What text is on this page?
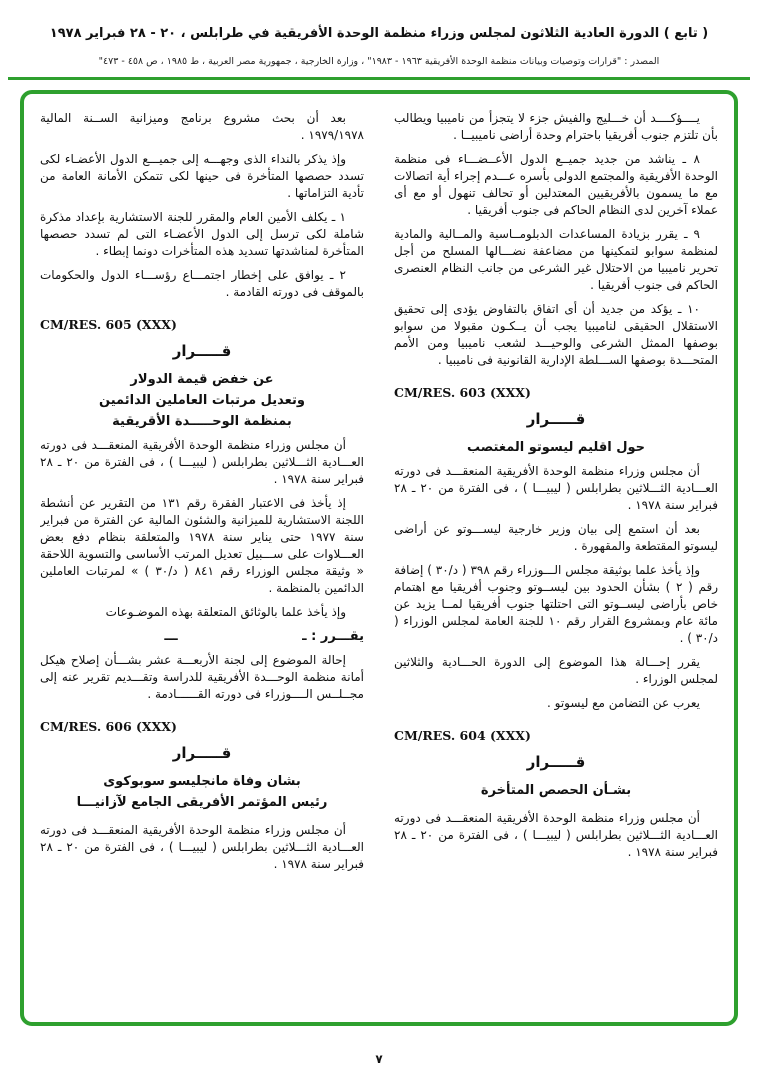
( تابع ) الدورة العادية الثلاثون لمجلس وزراء منظمة الوحدة الأفريقية في طرابلس ، ٢٠ - ٢٨ فبراير ١٩٧٨
المصدر : "قرارات وتوصيات وبيانات منظمة الوحدة الأفريقية ١٩٦٣ - ١٩٨٣" ، وزارة الخارجية ، جمهورية مصر العربية ، ط ١٩٨٥ ، ص ٤٥٨ - ٤٧٣"

يــــؤكــــد أن خـــليج والفيش جزء لا يتجزأ من ناميبيا ويطالب بأن تلتزم جنوب أفريقيا باحترام وحدة أراضى ناميبيــا .

٨ ـ يناشد من جديد جميــع الدول الأعــضـــاء فى منظمة الوحدة الأفريقية والمجتمع الدولى بأسره عـــدم إجراء أية اتصالات مع ما يسمون بالأفريقيين المعتدلين أو تحالف تنهول أو مع أى عملاء آخرين لدى النظام الحاكم فى جنوب أفريقيا .

٩ ـ يقرر بزيادة المساعدات الدبلومــاسية والمــالية والمادية لمنظمة سوابو لتمكينها من مضاعفة نضـــالها المسلح من أجل تحرير ناميبيا من الاحتلال غير الشرعى من جانب النظام العنصرى الحاكم فى جنوب أفريقيا .

١٠ ـ يؤكد من جديد أن أى اتفاق بالتفاوض يؤدى إلى تحقيق الاستقلال الحقيقى لناميبيا يجب أن يــكـون مقبولا من سوابو بوصفها الممثل الشرعى والوحيـــد لشعب ناميبيا ومن الأمم المتحـــدة بوصفها الســـلطة الإدارية القانونية فى ناميبيا .

CM/RES. 603 (XXX)
قـــــرار
حول اقليم ليسوتو المغتصب

أن مجلس وزراء منظمة الوحدة الأفريقية المنعقـــد فى دورته العـــادية الثـــلاثين بطرابلس ( ليبيـــا ) ، فى الفترة من ٢٠ ـ ٢٨ فبراير سنة ١٩٧٨ .

بعد أن استمع إلى بيان وزير خارجية ليســـوتو عن أراضى ليسوتو المقتطعة والمقهورة .

وإذ يأخذ علما بوثيقة مجلس الـــوزراء رقم ٣٩٨ ( د/٣٠ ) إضافة رقم ( ٢ ) بشأن الحدود بين ليســوتو وجنوب أفريقيا مع اهتمام خاص بأراضى ليســوتو التى احتلتها جنوب أفريقيا لمــا يزيد عن مائة عام وبمشروع القرار رقم ١٠ للجنة العامة لمجلس الوزراء ( د/٣٠ ) .

يقرر إحـــالة هذا الموضوع إلى الدورة الحـــادية والثلاثين لمجلس الوزراء .

يعرب عن التضامن مع ليسوتو .

CM/RES. 604 (XXX)
قـــــرار
بشـأن الحصص المتأخرة

أن مجلس وزراء منظمة الوحدة الأفريقية المنعقـــد فى دورته العـــادية الثـــلاثين بطرابلس ( ليبيـــا ) ، فى الفترة من ٢٠ ـ ٢٨ فبراير سنة ١٩٧٨ .

بعد أن بحث مشروع برنامج وميزانية الســنة المالية ١٩٧٩/١٩٧٨ .

وإذ يذكر بالنداء الذى وجهـــه إلى جميـــع الدول الأعضـاء لكى تسدد حصصها المتأخرة فى حينها لكى تتمكن الأمانة العامة من تأدية التزاماتها .

١ ـ يكلف الأمين العام والمقرر للجنة الاستشارية بإعداد مذكرة شاملة لكى ترسل إلى الدول الأعضـاء التى لم تسدد حصصها المتأخرة لمناشدتها تسديد هذه المتأخرات دونما إبطاء .

٢ ـ يوافق على إخطار اجتمـــاع رؤســـاء الدول والحكومات بالموقف فى دورته القادمة .

CM/RES. 605 (XXX)
قـــــرار
عن خفض قيمة الدولار
وتعديل مرتبات العاملين الدائمين
بمنظمة الوحـــــدة الأقريقية

أن مجلس وزراء منظمة الوحدة الأفريقية المنعقـــد فى دورته العـــادية الثـــلاثين بطرابلس ( ليبيـــا ) ، فى الفترة من ٢٠ ـ ٢٨ فبراير سنة ١٩٧٨ .

إذ يأخذ فى الاعتبار الفقرة رقم ١٣١ من التقرير عن أنشطة اللجنة الاستشارية للميزانية والشئون المالية عن الفترة من فبراير سنة ١٩٧٧ حتى يناير سنة ١٩٧٨ والمتعلقة بنظام دفع بعض العـــلاوات على ســـبيل تعديل المرتب الأساسى والتسوية اللاحقة « وثيقة مجلس الوزراء رقم ٨٤١ ( د/٣٠ ) » لمرتبات العاملين الدائمين بالمنظمة .

وإذ يأخذ علما بالوثائق المتعلقة بهذه الموضـوعات

يقـــرر : ـ
ـــ

إحالة الموضوع إلى لجنة الأربعـــة عشر بشـــأن إصلاح هيكل أمانة منظمة الوحـــدة الأفريقية للدراسة وتقـــديم تقرير عنه إلى مجــلــس الــــوزراء فى دورته القــــــادمة .

CM/RES. 606 (XXX)
قـــــرار
بشان وفاة مانجليسو سوبوكوى
رئيس المؤتمر الأفريقى الجامع لآزانيـــا

أن مجلس وزراء منظمة الوحدة الأفريقية المنعقـــد فى دورته العـــادية الثـــلاثين بطرابلس ( ليبيـــا ) ، فى الفترة من ٢٠ ـ ٢٨ فبراير سنة ١٩٧٨ .

٧
